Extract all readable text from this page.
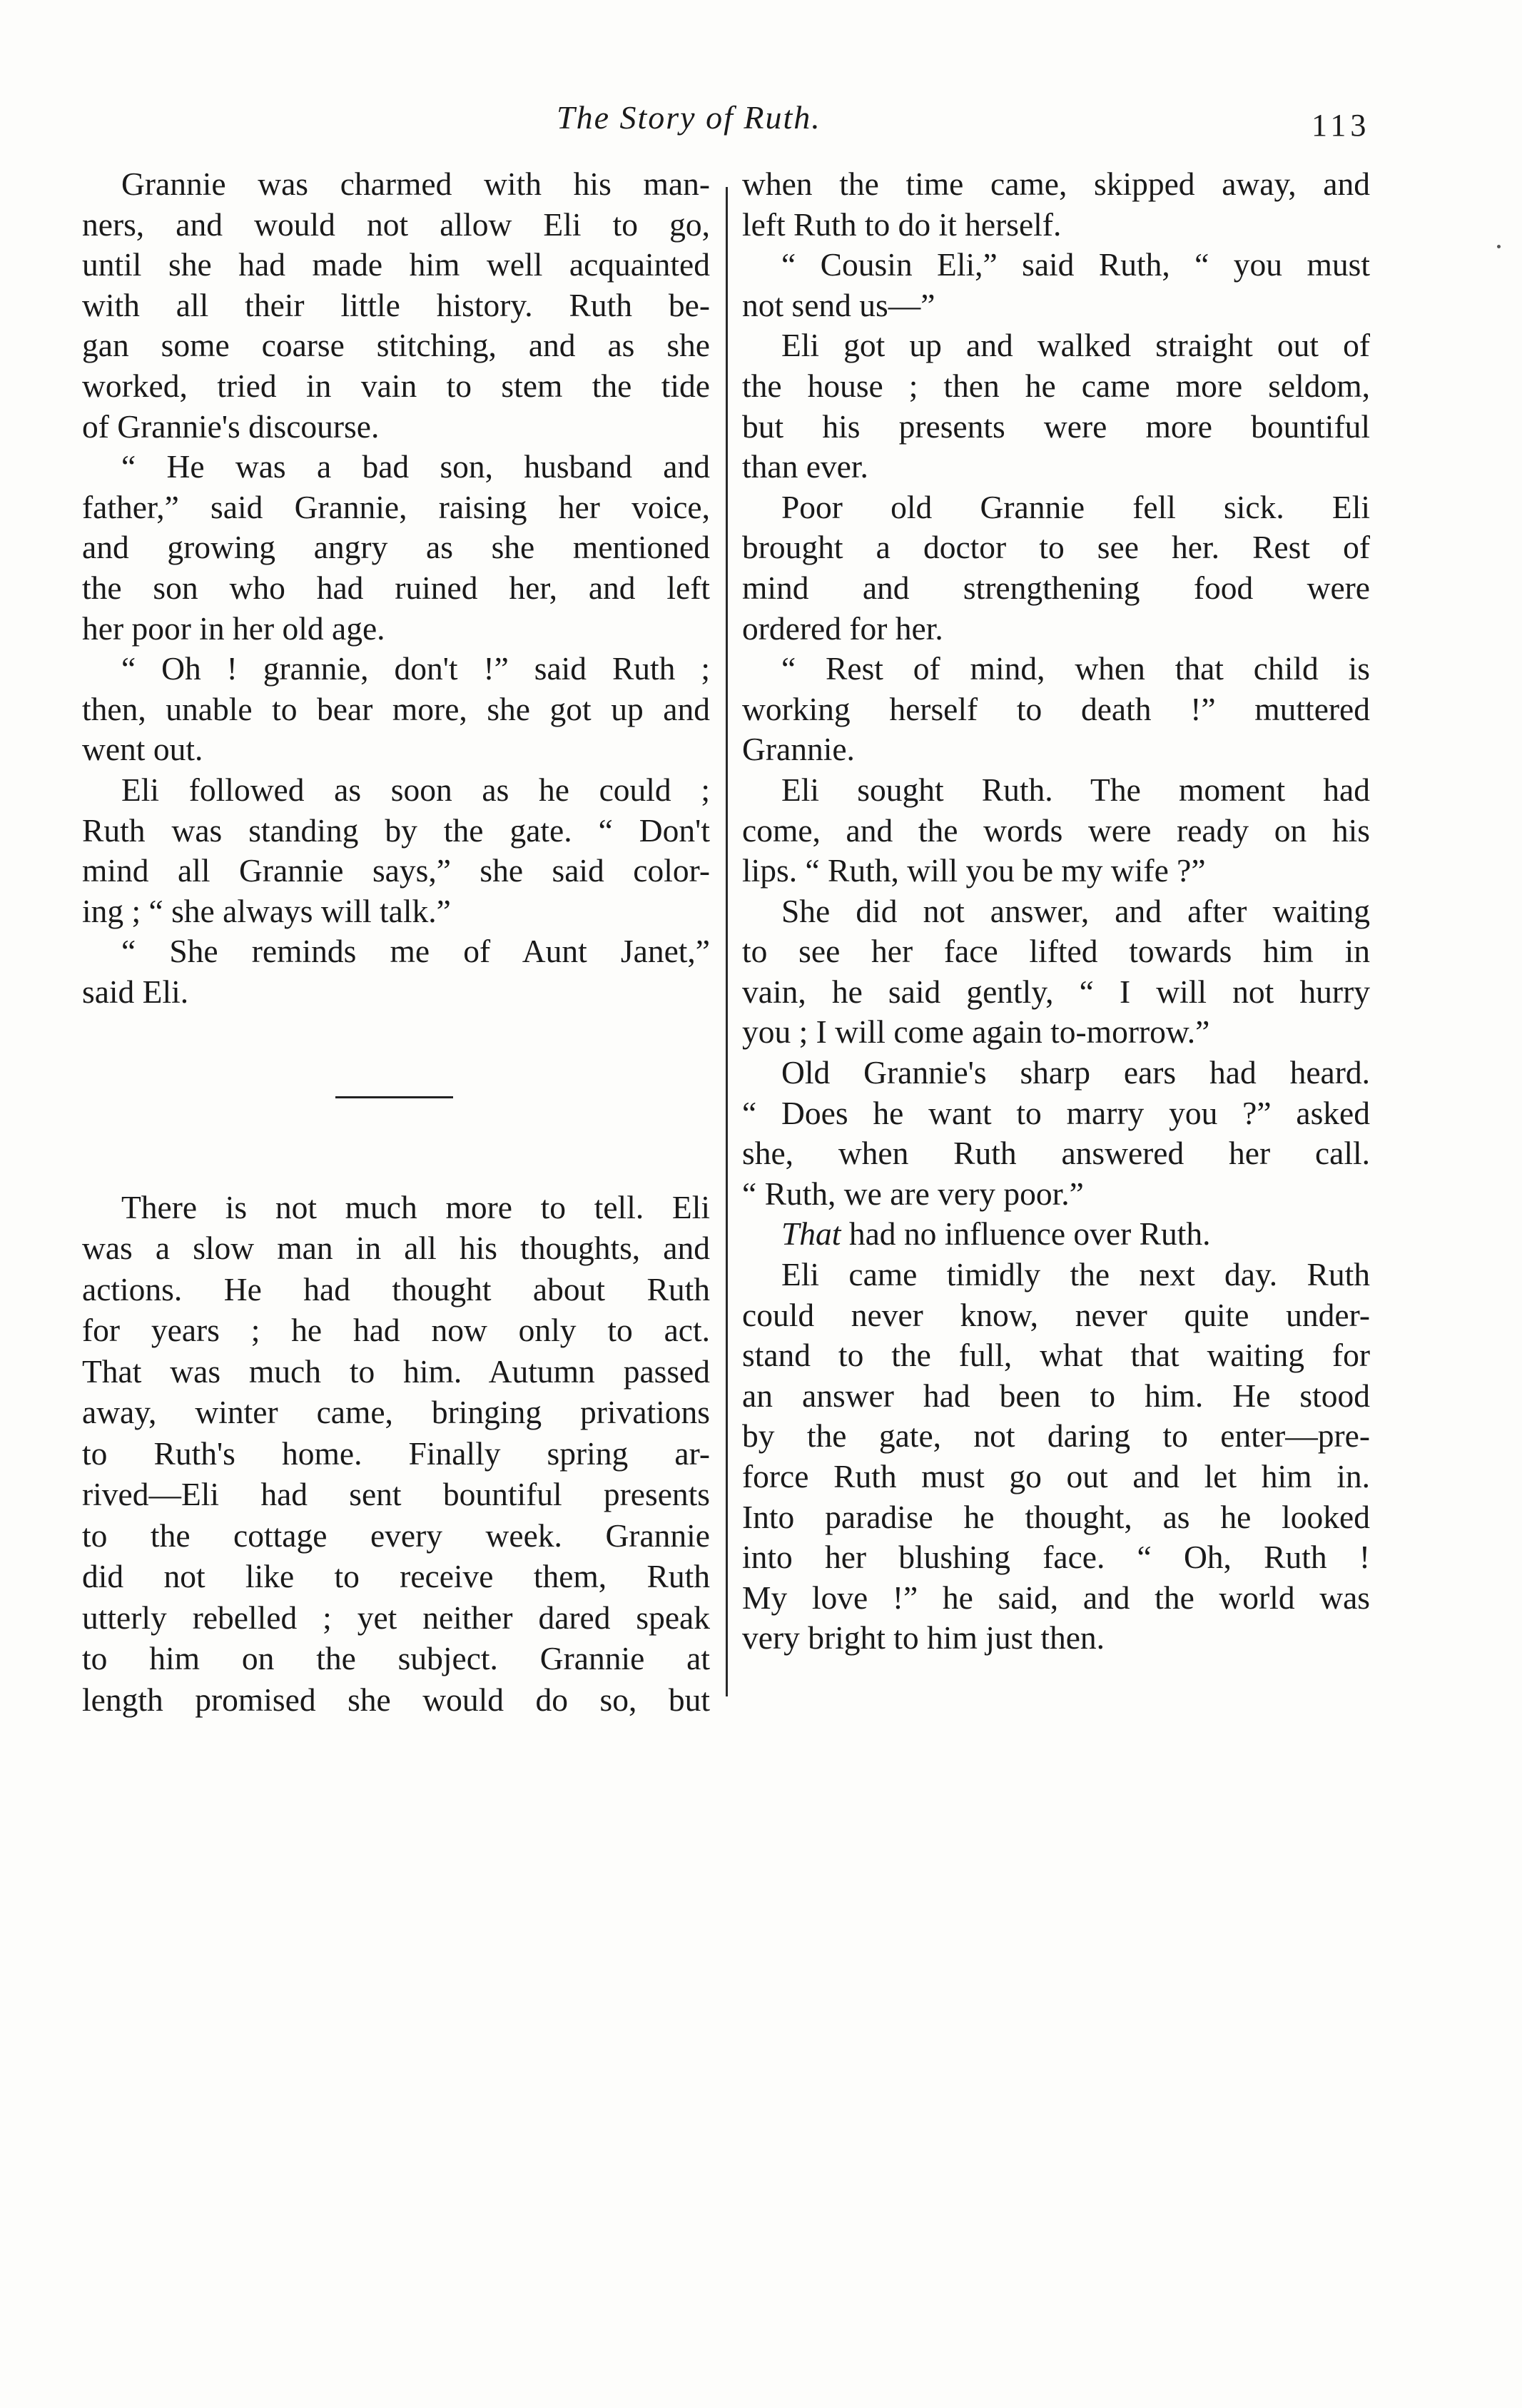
The Story of Ruth.	113

Grannie was charmed with his man-
ners, and would not allow Eli to go,
until she had made him well acquainted
with all their little history. Ruth be-
gan some coarse stitching, and as she
worked, tried in vain to stem the tide
of Grannie's discourse.

“ He was a bad son, husband and
father,” said Grannie, raising her voice,
and growing angry as she mentioned
the son who had ruined her, and left
her poor in her old age.

“ Oh ! grannie, don't !” said Ruth ;
then, unable to bear more, she got up and
went out.

Eli followed as soon as he could ;
Ruth was standing by the gate. “ Don't
mind all Grannie says,” she said color-
ing ; “ she always will talk.”

“ She reminds me of Aunt Janet,”
said Eli.

There is not much more to tell. Eli
was a slow man in all his thoughts, and
actions. He had thought about Ruth
for years ; he had now only to act.
That was much to him. Autumn passed
away, winter came, bringing privations
to Ruth's home. Finally spring ar-
rived—Eli had sent bountiful presents
to the cottage every week. Grannie
did not like to receive them, Ruth
utterly rebelled ; yet neither dared speak
to him on the subject. Grannie at
length promised she would do so, but

when the time came, skipped away, and
left Ruth to do it herself.

“ Cousin Eli,” said Ruth, “ you must
not send us—”

Eli got up and walked straight out of
the house ; then he came more seldom,
but his presents were more bountiful
than ever.

Poor old Grannie fell sick. Eli
brought a doctor to see her. Rest of
mind and strengthening food were
ordered for her.

“ Rest of mind, when that child is
working herself to death !” muttered
Grannie.

Eli sought Ruth. The moment had
come, and the words were ready on his
lips. “ Ruth, will you be my wife ?”

She did not answer, and after waiting
to see her face lifted towards him in
vain, he said gently, “ I will not hurry
you ; I will come again to-morrow.”

Old Grannie's sharp ears had heard.
“ Does he want to marry you ?” asked
she, when Ruth answered her call.
“ Ruth, we are very poor.”

That had no influence over Ruth.

Eli came timidly the next day. Ruth
could never know, never quite under-
stand to the full, what that waiting for
an answer had been to him. He stood
by the gate, not daring to enter—pre-
force Ruth must go out and let him in.
Into paradise he thought, as he looked
into her blushing face. “ Oh, Ruth !
My love !” he said, and the world was
very bright to him just then.
